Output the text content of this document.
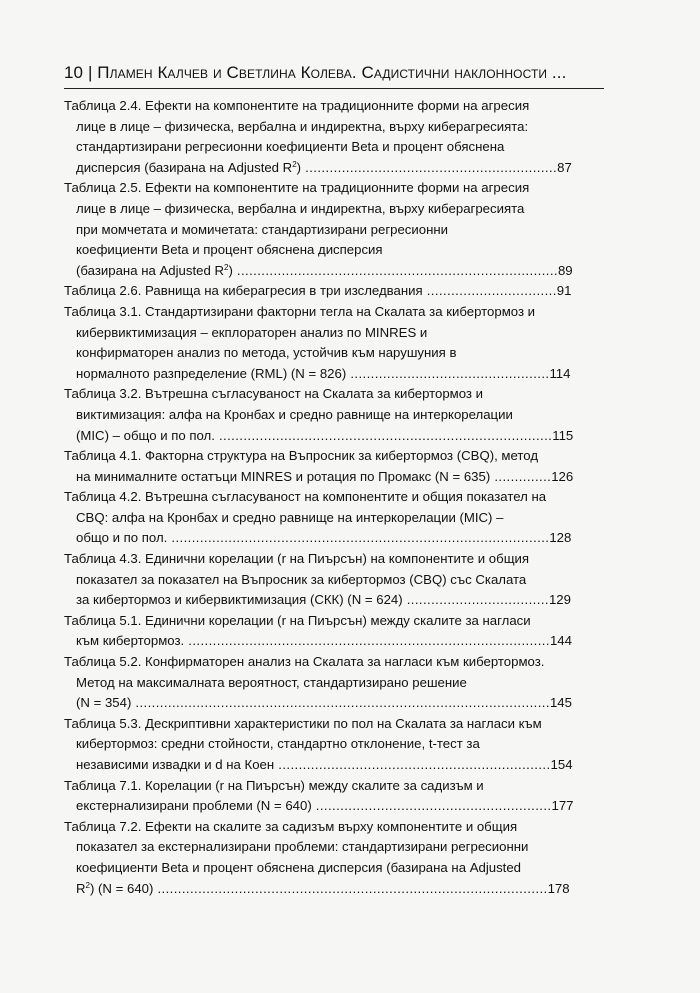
10 | Пламен Калчев и Светлина Колева. Садистични наклонности ...
Таблица 2.4. Ефекти на компонентите на традиционните форми на агресия
лице в лице – физическа, вербална и индиректна, върху кибeрагресията:
стандартизирани регресионни коефициенти Beta и процент обяснена
дисперсия (базирана на Adjusted $R^2$) ..............................................................87
Таблица 2.5. Ефекти на компонентите на традиционните форми на агресия
лице в лице – физическа, вербална и индиректна, върху киберагресията
при момчетата и момичетата: стандартизирани регресионни
коефициенти Beta и процент обяснена дисперсия
(базирана на Adjusted $R^2$) ...............................................................................89
Таблица 2.6. Равнища на киберагресия в три изследвания ................................91
Таблица 3.1. Стандартизирани факторни тегла на Скалата за кибертормоз и
кибервиктимизация – екплораторен анализ по MINRES и
конфирматорен анализ по метода, устойчив към нарушуния в
нормалното разпределение (RML) (N = 826) .................................................114
Таблица 3.2. Вътрешна съгласуваност на Скалата за кибертормоз и
виктимизация: алфа на Кронбах и средно равнище на интеркорелации
(MIC) – общо и по пол. ..................................................................................115
Таблица 4.1. Факторна структура на Въпросник за кибертормоз (CBQ), метод
на минималните остатъци MINRES и ротация по Промакс (N = 635) ..............126
Таблица 4.2. Вътрешна съгласуваност на компонентите и общия показател на
CBQ: алфа на Кронбах и средно равнище на интеркорелации (MIC) –
общо и по пол. .............................................................................................128
Таблица 4.3. Единични корелации (r на Пиърсън) на компонентите и общия
показател за показател на Въпросник за кибертормоз (CBQ) със Скалата
за кибертормоз и кибервиктимизация (СКК) (N = 624) ...................................129
Таблица 5.1. Единични корелации (r на Пиърсън) между скалите за нагласи
към кибертормоз. .........................................................................................144
Таблица 5.2. Конфирматорен анализ на Скалата за нагласи към кибертормоз.
Метод на максималната вероятност, стандартизирано решение
(N = 354) ......................................................................................................145
Таблица 5.3. Дескриптивни характеристики по пол на Скалата за нагласи към
кибертормоз: средни стойности, стандартно отклонение, t-тест за
независими извадки и d на Коен ...................................................................154
Таблица 7.1. Корелации (r на Пиърсън) между скалите за садизъм и
екстернализирани проблеми (N = 640) ..........................................................177
Таблица 7.2. Ефекти на скалите за садизъм върху компонентите и общия
показател за екстернализирани проблеми: стандартизирани регресионни
коефициенти Beta и процент обяснена дисперсия (базирана на Adjusted
$R^2$) (N = 640) ................................................................................................178
